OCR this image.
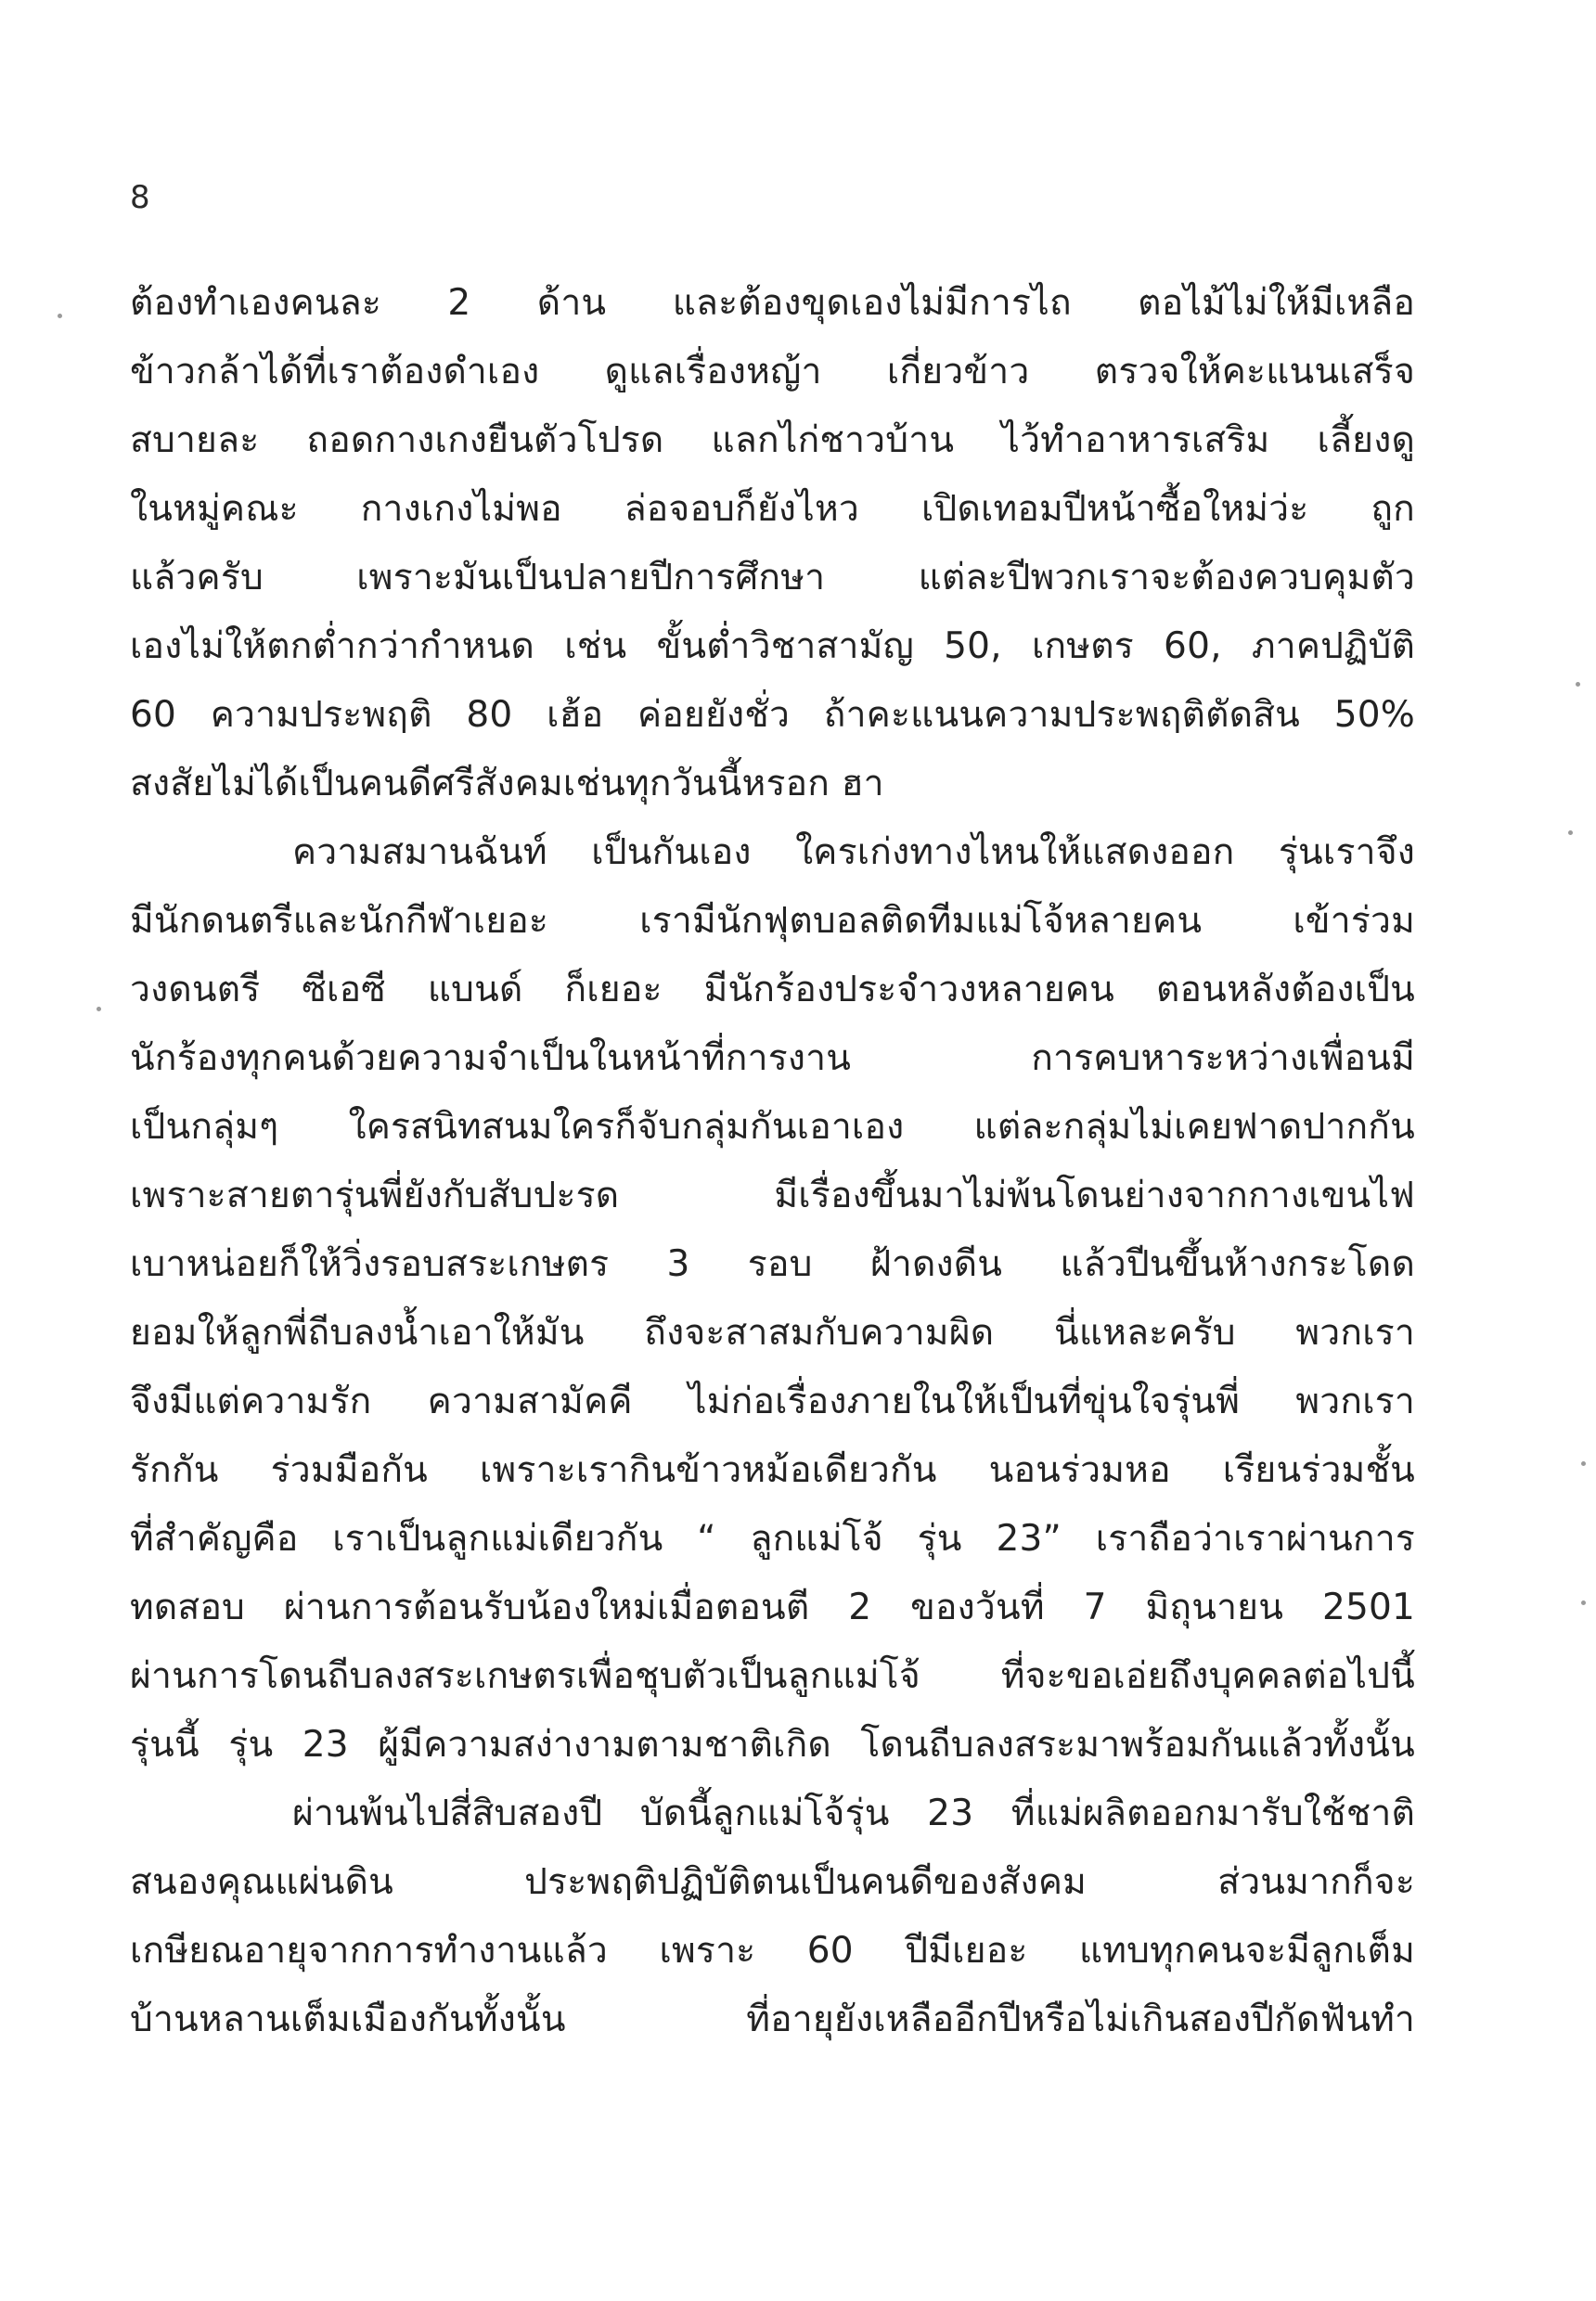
8
ต้องทำเองคนละ 2 ด้าน และต้องขุดเองไม่มีการไถ ตอไม้ไม่ให้มีเหลือ
ข้าวกล้าได้ที่เราต้องดำเอง ดูแลเรื่องหญ้า เกี่ยวข้าว ตรวจให้คะแนนเสร็จ
สบายละ ถอดกางเกงยืนตัวโปรด แลกไก่ชาวบ้าน ไว้ทำอาหารเสริม เลี้ยงดู
ในหมู่คณะ กางเกงไม่พอ ล่อจอบก็ยังไหว เปิดเทอมปีหน้าซื้อใหม่ว่ะ ถูก
แล้วครับ เพราะมันเป็นปลายปีการศึกษา แต่ละปีพวกเราจะต้องควบคุมตัว
เองไม่ให้ตกต่ำกว่ากำหนด เช่น ขั้นต่ำวิชาสามัญ 50, เกษตร 60, ภาคปฏิบัติ
60 ความประพฤติ 80 เฮ้อ ค่อยยังชั่ว ถ้าคะแนนความประพฤติตัดสิน 50%
สงสัยไม่ได้เป็นคนดีศรีสังคมเช่นทุกวันนี้หรอก ฮา
ความสมานฉันท์ เป็นกันเอง ใครเก่งทางไหนให้แสดงออก รุ่นเราจึง
มีนักดนตรีและนักกีฬาเยอะ เรามีนักฟุตบอลติดทีมแม่โจ้หลายคน เข้าร่วม
วงดนตรี ซีเอซี แบนด์ ก็เยอะ มีนักร้องประจำวงหลายคน ตอนหลังต้องเป็น
นักร้องทุกคนด้วยความจำเป็นในหน้าที่การงาน การคบหาระหว่างเพื่อนมี
เป็นกลุ่มๆ ใครสนิทสนมใครก็จับกลุ่มกันเอาเอง แต่ละกลุ่มไม่เคยฟาดปากกัน
เพราะสายตารุ่นพี่ยังกับสับปะรด มีเรื่องขึ้นมาไม่พ้นโดนย่างจากกางเขนไฟ
เบาหน่อยก็ให้วิ่งรอบสระเกษตร 3 รอบ ฝ้าดงดีน แล้วปีนขึ้นห้างกระโดด
ยอมให้ลูกพี่ถีบลงน้ำเอาให้มัน ถึงจะสาสมกับความผิด นี่แหละครับ พวกเรา
จึงมีแต่ความรัก ความสามัคคี ไม่ก่อเรื่องภายในให้เป็นที่ขุ่นใจรุ่นพี่ พวกเรา
รักกัน ร่วมมือกัน เพราะเรากินข้าวหม้อเดียวกัน นอนร่วมหอ เรียนร่วมชั้น
ที่สำคัญคือ เราเป็นลูกแม่เดียวกัน “ ลูกแม่โจ้ รุ่น 23” เราถือว่าเราผ่านการ
ทดสอบ ผ่านการต้อนรับน้องใหม่เมื่อตอนตี 2 ของวันที่ 7 มิถุนายน 2501
ผ่านการโดนถีบลงสระเกษตรเพื่อชุบตัวเป็นลูกแม่โจ้ ที่จะขอเอ่ยถึงบุคคลต่อไปนี้
รุ่นนี้ รุ่น 23 ผู้มีความสง่างามตามชาติเกิด โดนถีบลงสระมาพร้อมกันแล้วทั้งนั้น
ผ่านพ้นไปสี่สิบสองปี บัดนี้ลูกแม่โจ้รุ่น 23 ที่แม่ผลิตออกมารับใช้ชาติ
สนองคุณแผ่นดิน ประพฤติปฏิบัติตนเป็นคนดีของสังคม ส่วนมากก็จะ
เกษียณอายุจากการทำงานแล้ว เพราะ 60 ปีมีเยอะ แทบทุกคนจะมีลูกเต็ม
บ้านหลานเต็มเมืองกันทั้งนั้น ที่อายุยังเหลืออีกปีหรือไม่เกินสองปีกัดฟันทำ
